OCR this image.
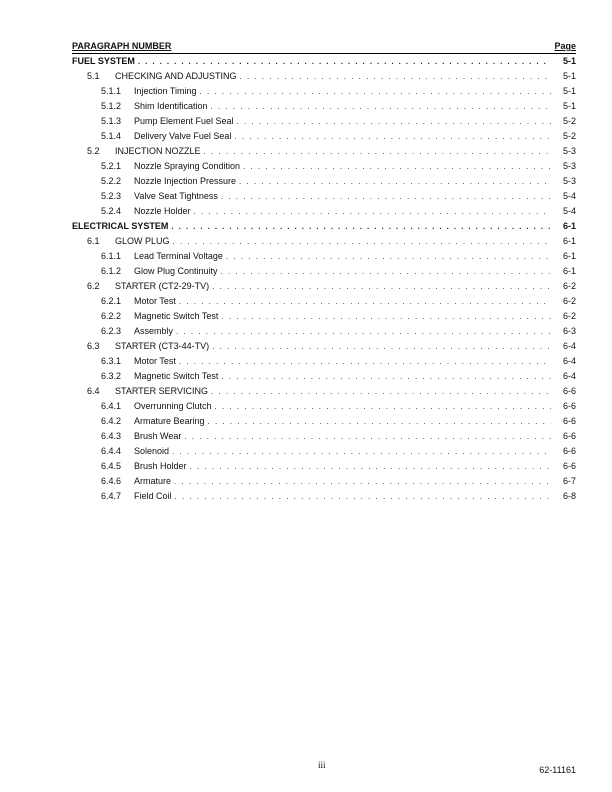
PARAGRAPH NUMBER	Page
FUEL SYSTEM . . .	5-1
5.1	CHECKING AND ADJUSTING . . .	5-1
5.1.1	Injection Timing . . .	5-1
5.1.2	Shim Identification . . .	5-1
5.1.3	Pump Element Fuel Seal . . .	5-2
5.1.4	Delivery Valve Fuel Seal . . .	5-2
5.2	INJECTION NOZZLE . . .	5-3
5.2.1	Nozzle Spraying Condition . . .	5-3
5.2.2	Nozzle Injection Pressure . . .	5-3
5.2.3	Valve Seat Tightness . . .	5-4
5.2.4	Nozzle Holder . . .	5-4
ELECTRICAL SYSTEM . . .	6-1
6.1	GLOW PLUG . . .	6-1
6.1.1	Lead Terminal Voltage . . .	6-1
6.1.2	Glow Plug Continuity . . .	6-1
6.2	STARTER (CT2-29-TV) . . .	6-2
6.2.1	Motor Test . . .	6-2
6.2.2	Magnetic Switch Test . . .	6-2
6.2.3	Assembly . . .	6-3
6.3	STARTER (CT3-44-TV) . . .	6-4
6.3.1	Motor Test . . .	6-4
6.3.2	Magnetic Switch Test . . .	6-4
6.4	STARTER SERVICING . . .	6-6
6.4.1	Overrunning Clutch . . .	6-6
6.4.2	Armature Bearing . . .	6-6
6.4.3	Brush Wear . . .	6-6
6.4.4	Solenoid . . .	6-6
6.4.5	Brush Holder . . .	6-6
6.4.6	Armature . . .	6-7
6.4.7	Field Coil . . .	6-8
iii	62-11161
